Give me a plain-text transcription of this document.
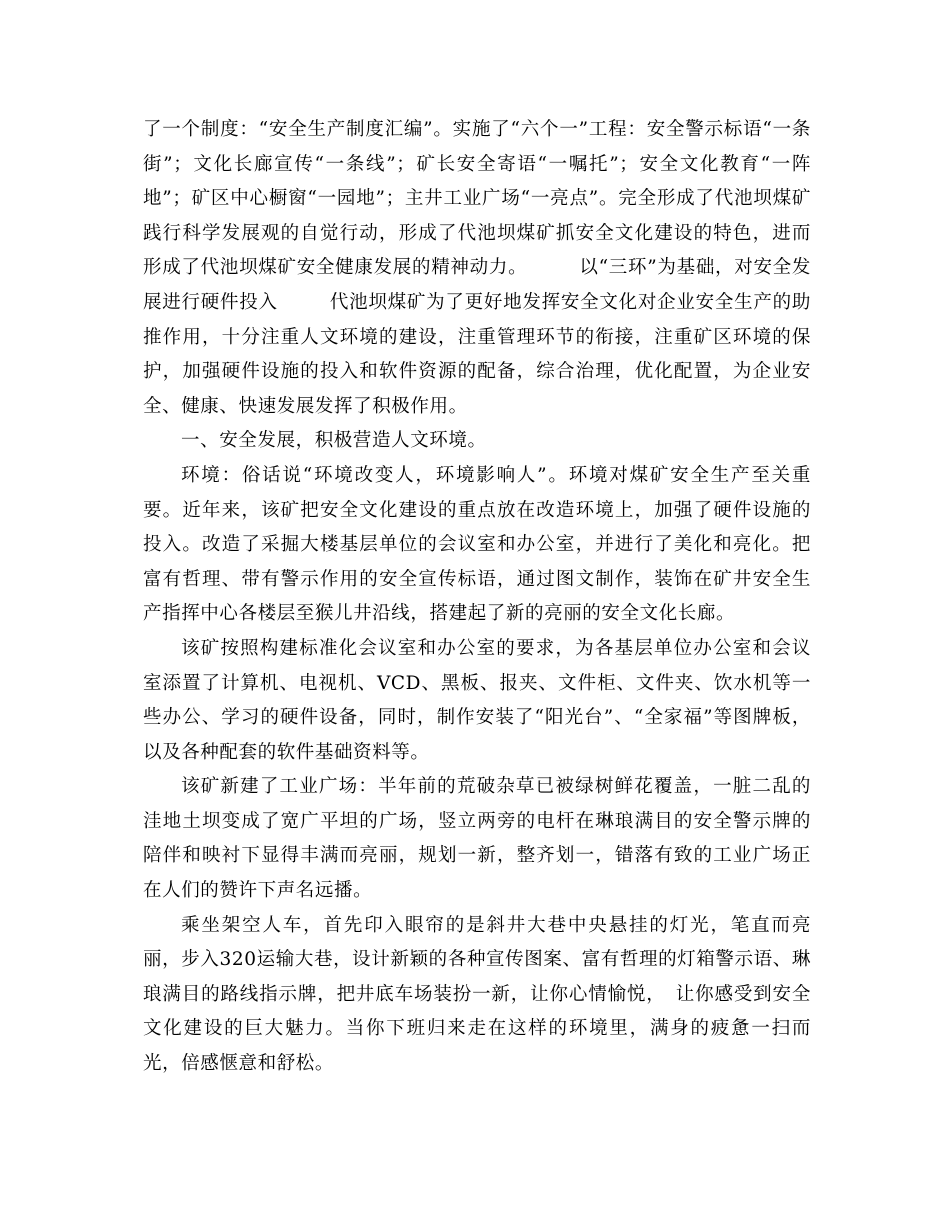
了一个制度：“安全生产制度汇编”。实施了“六个一”工程：安全警示标语“一条街”；文化长廊宣传“一条线”；矿长安全寄语“一嘱托”；安全文化教育“一阵地”；矿区中心橱窗“一园地”；主井工业广场“一亮点”。完全形成了代池坝煤矿践行科学发展观的自觉行动，形成了代池坝煤矿抓安全文化建设的特色，进而形成了代池坝煤矿安全健康发展的精神动力。	以“三环”为基础，对安全发展进行硬件投入	代池坝煤矿为了更好地发挥安全文化对企业安全生产的助推作用，十分注重人文环境的建设，注重管理环节的衔接，注重矿区环境的保护，加强硬件设施的投入和软件资源的配备，综合治理，优化配置，为企业安全、健康、快速发展发挥了积极作用。

一、安全发展，积极营造人文环境。

环境：俗话说“环境改变人，环境影响人”。环境对煤矿安全生产至关重要。近年来，该矿把安全文化建设的重点放在改造环境上，加强了硬件设施的投入。改造了采掘大楼基层单位的会议室和办公室，并进行了美化和亮化。把富有哲理、带有警示作用的安全宣传标语，通过图文制作，装饰在矿井安全生产指挥中心各楼层至猴儿井沿线，搭建起了新的亮丽的安全文化长廊。

该矿按照构建标准化会议室和办公室的要求，为各基层单位办公室和会议室添置了计算机、电视机、VCD、黑板、报夹、文件柜、文件夹、饮水机等一些办公、学习的硬件设备，同时，制作安装了“阳光台”、“全家福”等图牌板，以及各种配套的软件基础资料等。

该矿新建了工业广场：半年前的荒破杂草已被绿树鲜花覆盖，一脏二乱的洼地土坝变成了宽广平坦的广场，竖立两旁的电杆在琳琅满目的安全警示牌的陪伴和映衬下显得丰满而亮丽，规划一新，整齐划一，错落有致的工业广场正在人们的赞许下声名远播。

乘坐架空人车，首先印入眼帘的是斜井大巷中央悬挂的灯光，笔直而亮丽，步入320运输大巷，设计新颖的各种宣传图案、富有哲理的灯箱警示语、琳琅满目的路线指示牌，把井底车场装扮一新，让你心情愉悦，　 让你感受到安全文化建设的巨大魅力。当你下班归来走在这样的环境里，满身的疲惫一扫而光，倍感惬意和舒松。
